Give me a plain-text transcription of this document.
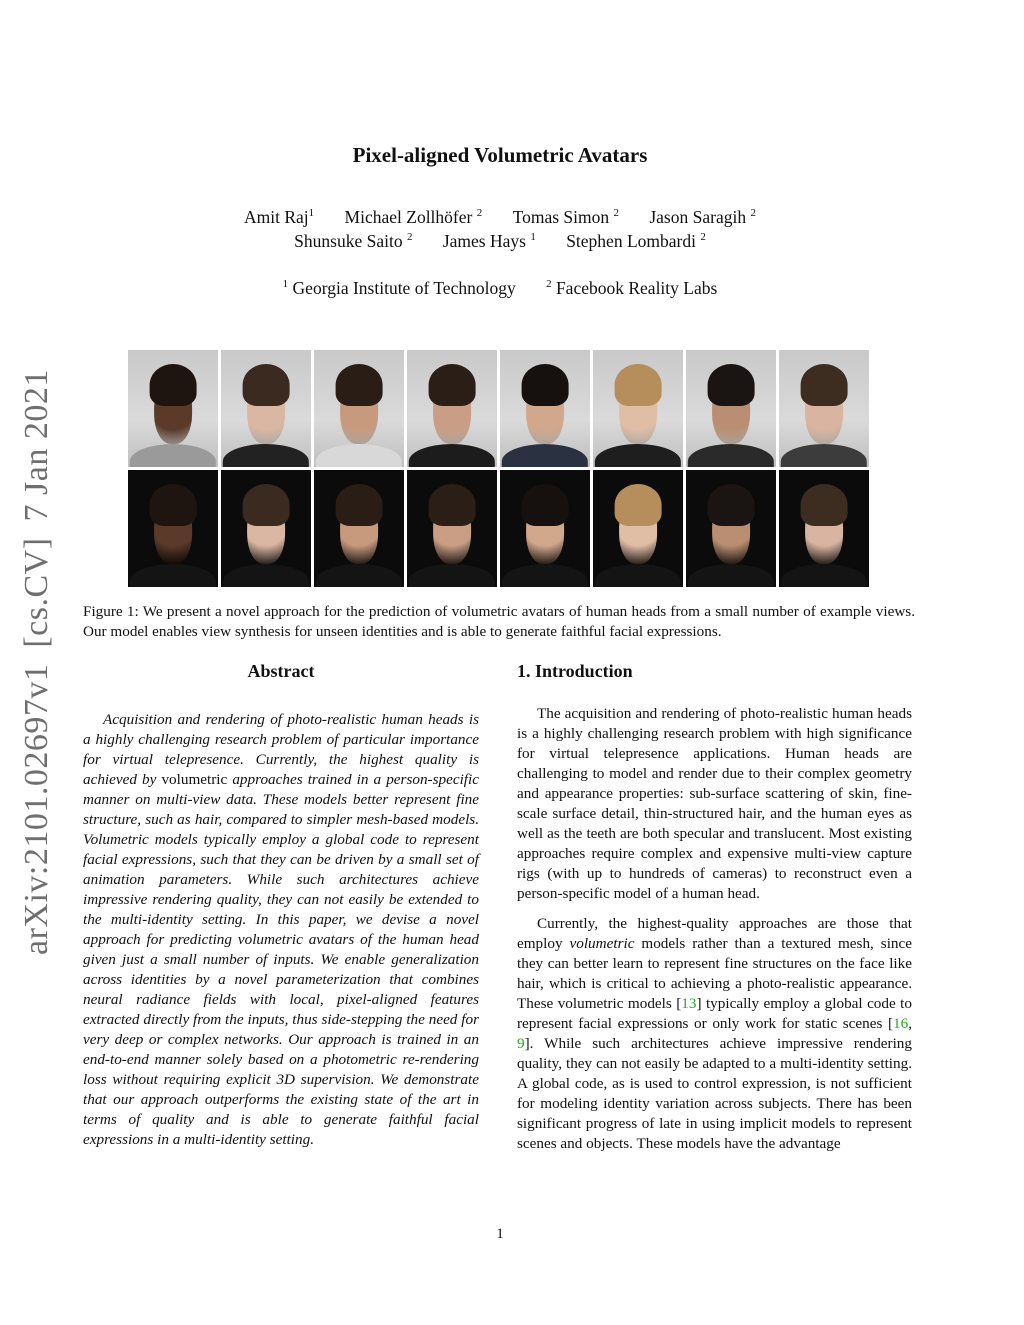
arXiv:2101.02697v1[cs.CV]7 Jan 2021
Pixel-aligned Volumetric Avatars
Amit Raj$^1$ Michael Zollhöfer $^2$ Tomas Simon $^2$ Jason Saragih $^2$
Shunsuke Saito $^2$ James Hays $^1$ Stephen Lombardi $^2$
$^1$ Georgia Institute of Technology	$^2$ Facebook Reality Labs
Figure 1: We present a novel approach for the prediction of volumetric avatars of human heads from a small number of example views. Our model enables view synthesis for unseen identities and is able to generate faithful facial expressions.
Abstract
Acquisition and rendering of photo-realistic human heads is a highly challenging research problem of particular importance for virtual telepresence. Currently, the highest quality is achieved by volumetric approaches trained in a person-specific manner on multi-view data. These models better represent fine structure, such as hair, compared to simpler mesh-based models. Volumetric models typically employ a global code to represent facial expressions, such that they can be driven by a small set of animation parameters. While such architectures achieve impressive rendering quality, they can not easily be extended to the multi-identity setting. In this paper, we devise a novel approach for predicting volumetric avatars of the human head given just a small number of inputs. We enable generalization across identities by a novel parameterization that combines neural radiance fields with local, pixel-aligned features extracted directly from the inputs, thus side-stepping the need for very deep or complex networks. Our approach is trained in an end-to-end manner solely based on a photometric re-rendering loss without requiring explicit 3D supervision. We demonstrate that our approach outperforms the existing state of the art in terms of quality and is able to generate faithful facial expressions in a multi-identity setting.
1. Introduction

The acquisition and rendering of photo-realistic human heads is a highly challenging research problem with high significance for virtual telepresence applications. Human heads are challenging to model and render due to their complex geometry and appearance properties: sub-surface scattering of skin, fine-scale surface detail, thin-structured hair, and the human eyes as well as the teeth are both specular and translucent. Most existing approaches require complex and expensive multi-view capture rigs (with up to hundreds of cameras) to reconstruct even a person-specific model of a human head.

Currently, the highest-quality approaches are those that employ volumetric models rather than a textured mesh, since they can better learn to represent fine structures on the face like hair, which is critical to achieving a photo-realistic appearance. These volumetric models [13] typically employ a global code to represent facial expressions or only work for static scenes [16, 9]. While such architectures achieve impressive rendering quality, they can not easily be adapted to a multi-identity setting. A global code, as is used to control expression, is not sufficient for modeling identity variation across subjects. There has been significant progress of late in using implicit models to represent scenes and objects. These models have the advantage

1
